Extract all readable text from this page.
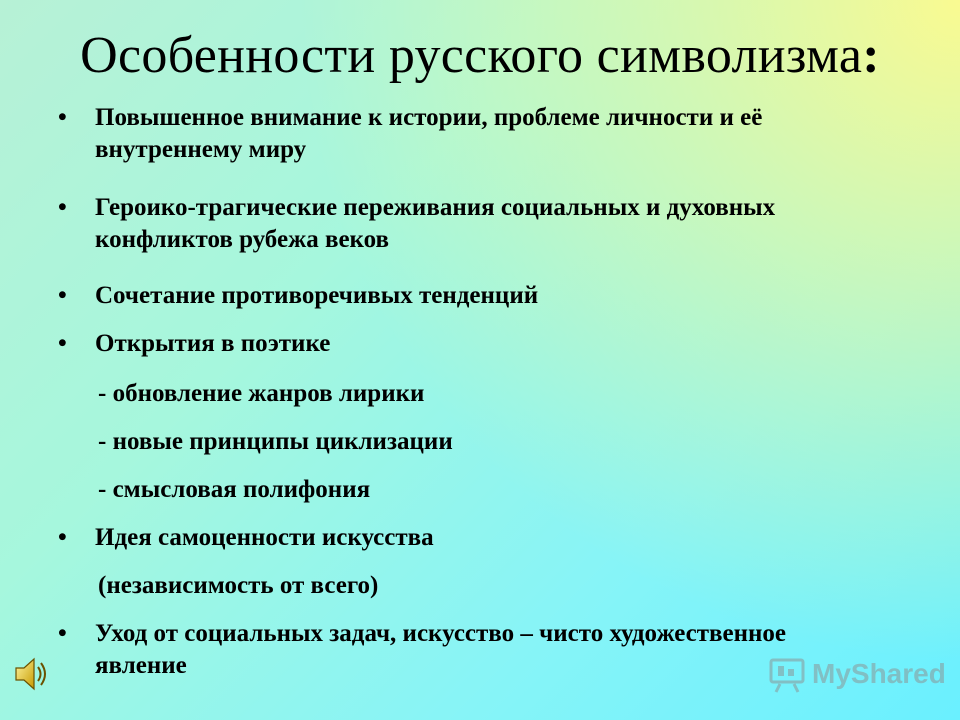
Особенности русского символизма:
•	Повышенное внимание к истории, проблеме личности и её внутреннему миру
•	Героико-трагические переживания социальных и духовных конфликтов рубежа веков
•	Сочетание противоречивых тенденций
•	Открытия в поэтике
- обновление жанров лирики
- новые принципы циклизации
- смысловая полифония
•	Идея самоценности искусства
(независимость от всего)
•	Уход от социальных задач, искусство – чисто художественное явление	MyShared
